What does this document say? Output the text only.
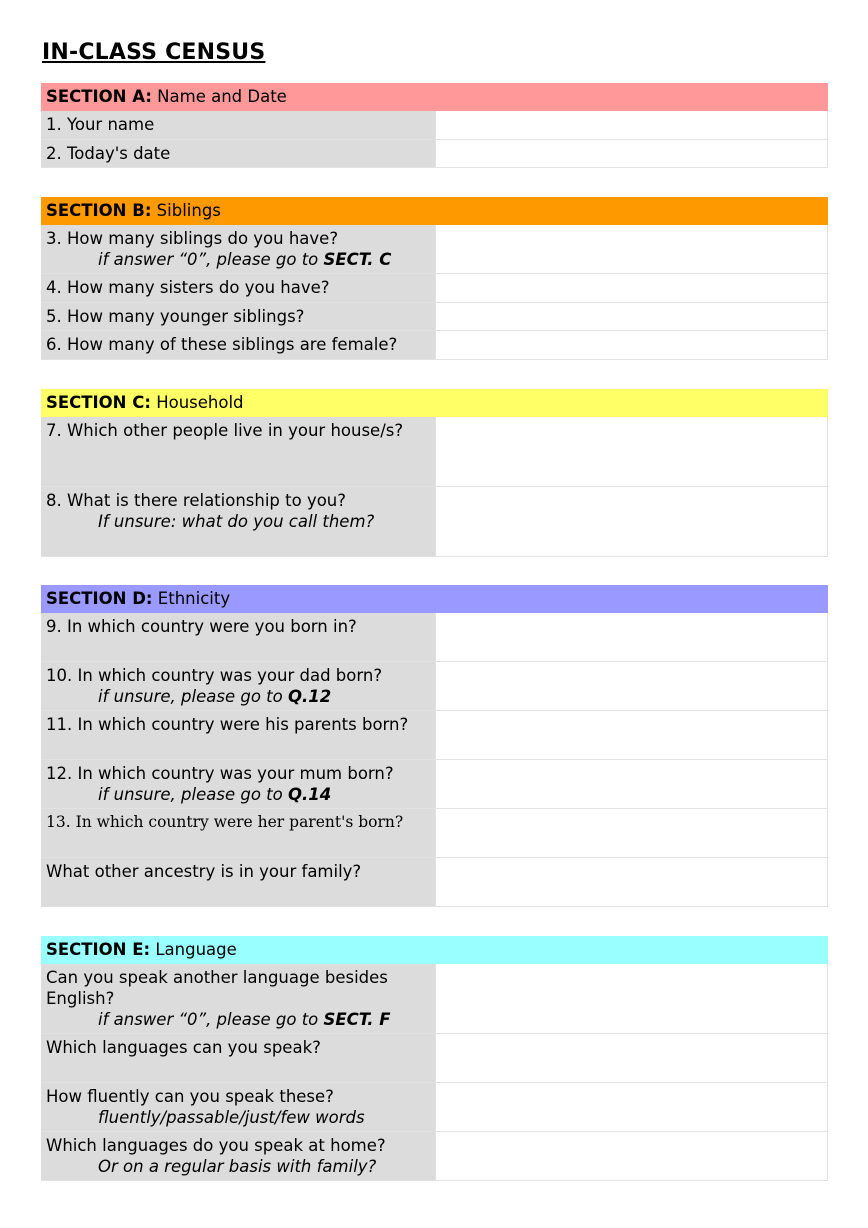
IN-CLASS CENSUS
SECTION A: Name and Date
1. Your name
2. Today's date
SECTION B: Siblings
3. How many siblings do you have?
if answer “0”, please go to SECT. C
4. How many sisters do you have?
5. How many younger siblings?
6. How many of these siblings are female?
SECTION C: Household
7. Which other people live in your house/s?
8. What is there relationship to you?
If unsure: what do you call them?
SECTION D: Ethnicity
9. In which country were you born in?
10. In which country was your dad born?
if unsure, please go to Q.12
11. In which country were his parents born?
12. In which country was your mum born?
if unsure, please go to Q.14
13. In which country were her parent's born?
What other ancestry is in your family?
SECTION E: Language
Can you speak another language besides English?
if answer “0”, please go to SECT. F
Which languages can you speak?
How fluently can you speak these?
fluently/passable/just/few words
Which languages do you speak at home?
Or on a regular basis with family?
